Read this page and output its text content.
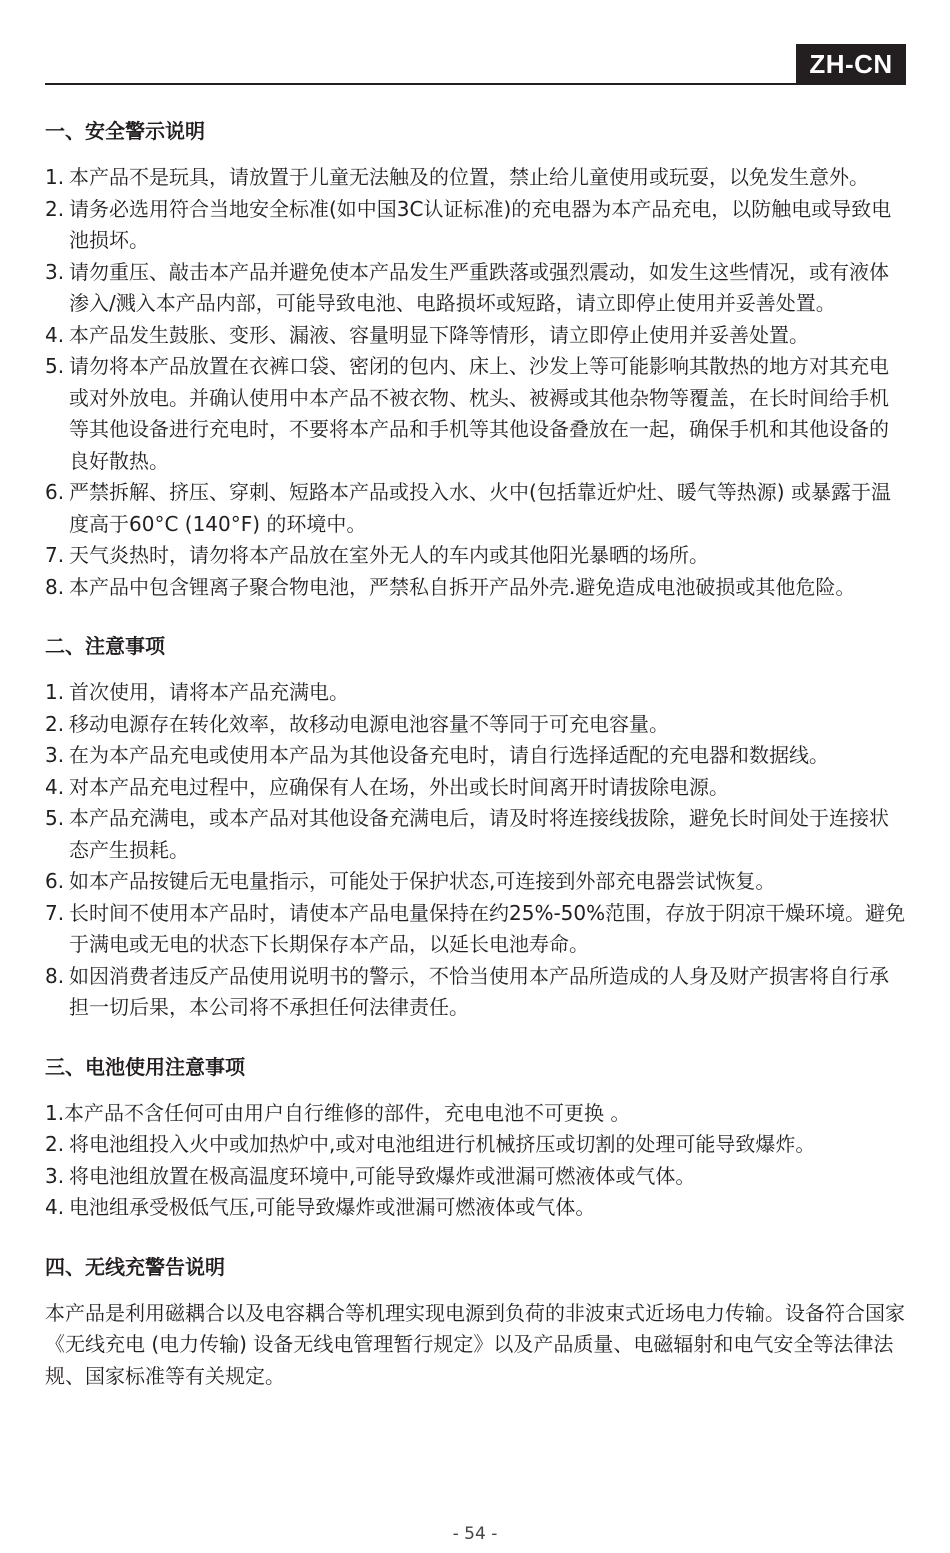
ZH-CN
一、安全警示说明
1. 本产品不是玩具，请放置于儿童无法触及的位置，禁止给儿童使用或玩耍，以免发生意外。
2. 请务必选用符合当地安全标准(如中国3C认证标准)的充电器为本产品充电，以防触电或导致电池损坏。
3. 请勿重压、敲击本产品并避免使本产品发生严重跌落或强烈震动，如发生这些情况，或有液体渗入/溅入本产品内部，可能导致电池、电路损坏或短路，请立即停止使用并妥善处置。
4. 本产品发生鼓胀、变形、漏液、容量明显下降等情形，请立即停止使用并妥善处置。
5. 请勿将本产品放置在衣裤口袋、密闭的包内、床上、沙发上等可能影响其散热的地方对其充电或对外放电。并确认使用中本产品不被衣物、枕头、被褥或其他杂物等覆盖，在长时间给手机等其他设备进行充电时，不要将本产品和手机等其他设备叠放在一起，确保手机和其他设备的良好散热。
6. 严禁拆解、挤压、穿刺、短路本产品或投入水、火中(包括靠近炉灶、暖气等热源) 或暴露于温度高于60°C (140°F) 的环境中。
7. 天气炎热时，请勿将本产品放在室外无人的车内或其他阳光暴晒的场所。
8. 本产品中包含锂离子聚合物电池，严禁私自拆开产品外壳.避免造成电池破损或其他危险。
二、注意事项
1. 首次使用，请将本产品充满电。
2. 移动电源存在转化效率，故移动电源电池容量不等同于可充电容量。
3. 在为本产品充电或使用本产品为其他设备充电时，请自行选择适配的充电器和数据线。
4. 对本产品充电过程中，应确保有人在场，外出或长时间离开时请拔除电源。
5. 本产品充满电，或本产品对其他设备充满电后，请及时将连接线拔除，避免长时间处于连接状态产生损耗。
6. 如本产品按键后无电量指示，可能处于保护状态,可连接到外部充电器尝试恢复。
7. 长时间不使用本产品时，请使本产品电量保持在约25%-50%范围，存放于阴凉干燥环境。避免于满电或无电的状态下长期保存本产品，以延长电池寿命。
8. 如因消费者违反产品使用说明书的警示，不恰当使用本产品所造成的人身及财产损害将自行承担一切后果，本公司将不承担任何法律责任。
三、电池使用注意事项
1. 本产品不含任何可由用户自行维修的部件，充电电池不可更换 。
2. 将电池组投入火中或加热炉中,或对电池组进行机械挤压或切割的处理可能导致爆炸。
3. 将电池组放置在极高温度环境中,可能导致爆炸或泄漏可燃液体或气体。
4. 电池组承受极低气压,可能导致爆炸或泄漏可燃液体或气体。
四、无线充警告说明

本产品是利用磁耦合以及电容耦合等机理实现电源到负荷的非波束式近场电力传输。设备符合国家《无线充电 (电力传输) 设备无线电管理暂行规定》以及产品质量、电磁辐射和电气安全等法律法规、国家标准等有关规定。

- 54 -
